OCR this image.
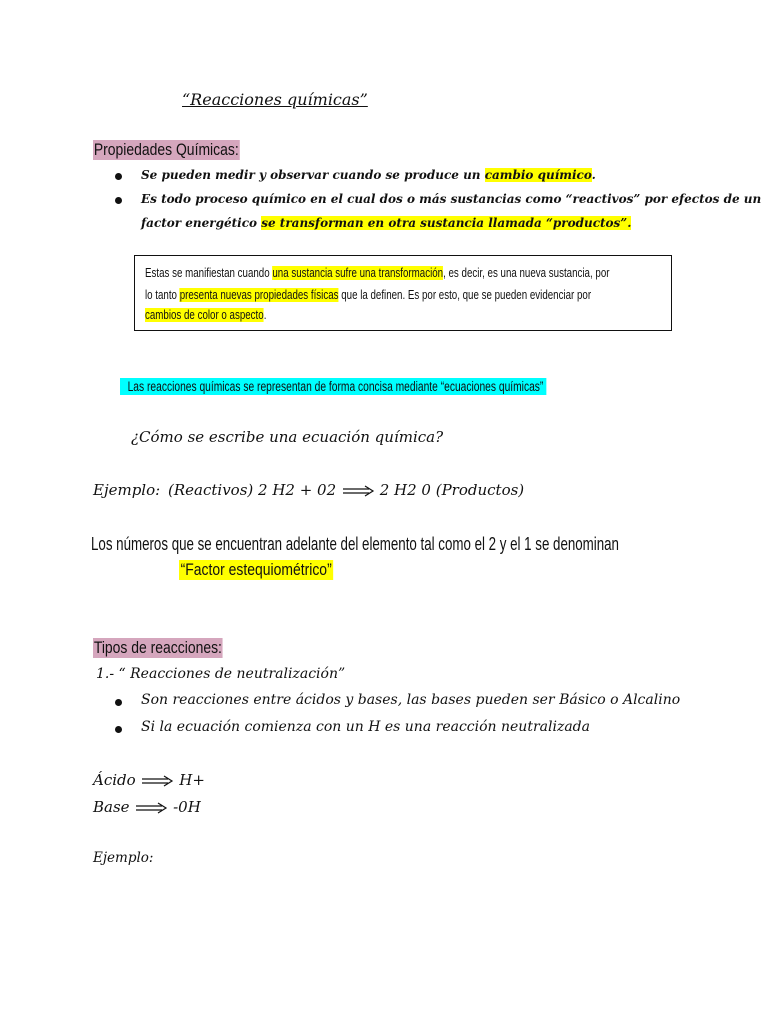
“Reacciones químicas”
Propiedades Químicas:
Se pueden medir y observar cuando se produce un cambio químico.
Es todo proceso químico en el cual dos o más sustancias como “reactivos” por efectos de un
factor energético se transforman en otra sustancia llamada “productos”.
Estas se manifiestan cuando una sustancia sufre una transformación, es decir, es una nueva sustancia, por
lo tanto presenta nuevas propiedades físicas que la definen. Es por esto, que se pueden evidenciar por
cambios de color o aspecto.
Las reacciones químicas se representan de forma concisa mediante “ecuaciones químicas”
¿Cómo se escribe una ecuación química?
Ejemplo: (Reactivos) 2 H2 + 02	2 H2 0 (Productos)
Los números que se encuentran adelante del elemento tal como el 2 y el 1 se denominan
“Factor estequiométrico”
Tipos de reacciones:
1.- “ Reacciones de neutralización”
Son reacciones entre ácidos y bases, las bases pueden ser Básico o Alcalino
Si la ecuación comienza con un H es una reacción neutralizada
Ácido	H+
Base	-0H
Ejemplo:
